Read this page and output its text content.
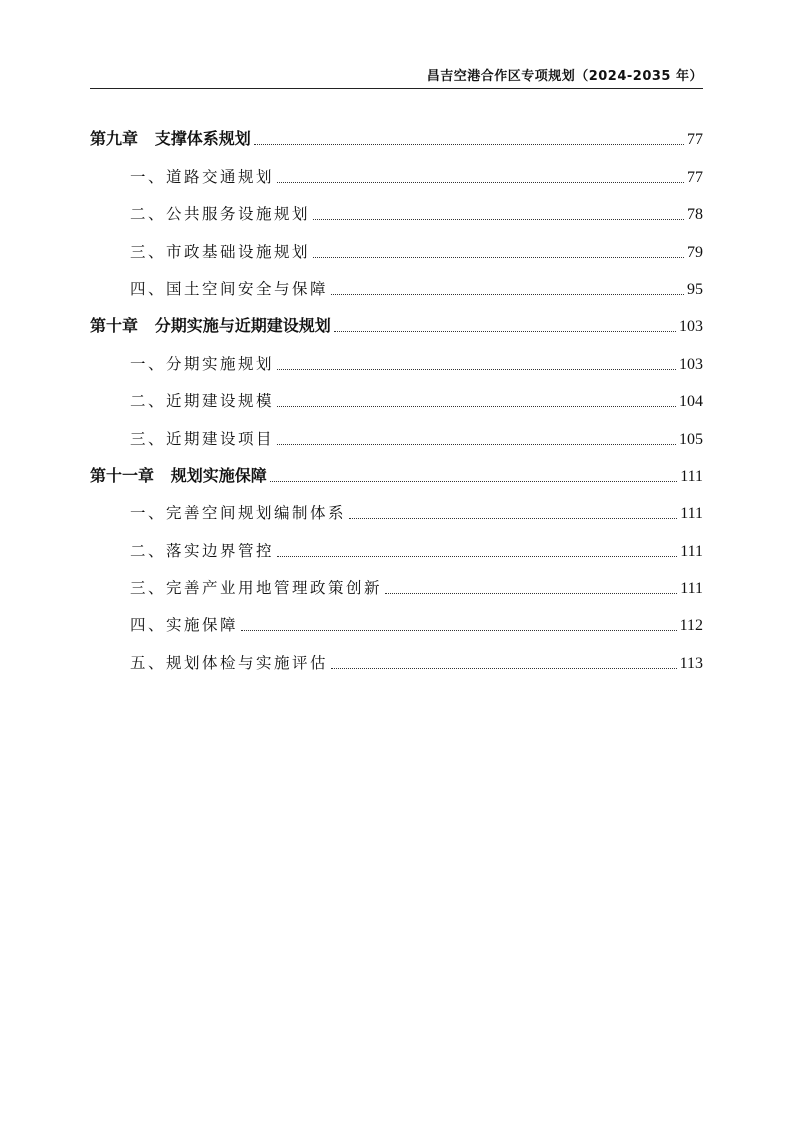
昌吉空港合作区专项规划（2024-2035 年）
第九章   支撑体系规划	77
一、道路交通规划	77
二、公共服务设施规划	78
三、市政基础设施规划	79
四、国土空间安全与保障	95
第十章   分期实施与近期建设规划	103
一、分期实施规划	103
二、近期建设规模	104
三、近期建设项目	105
第十一章   规划实施保障	111
一、完善空间规划编制体系	111
二、落实边界管控	111
三、完善产业用地管理政策创新	111
四、实施保障	112
五、规划体检与实施评估	113
